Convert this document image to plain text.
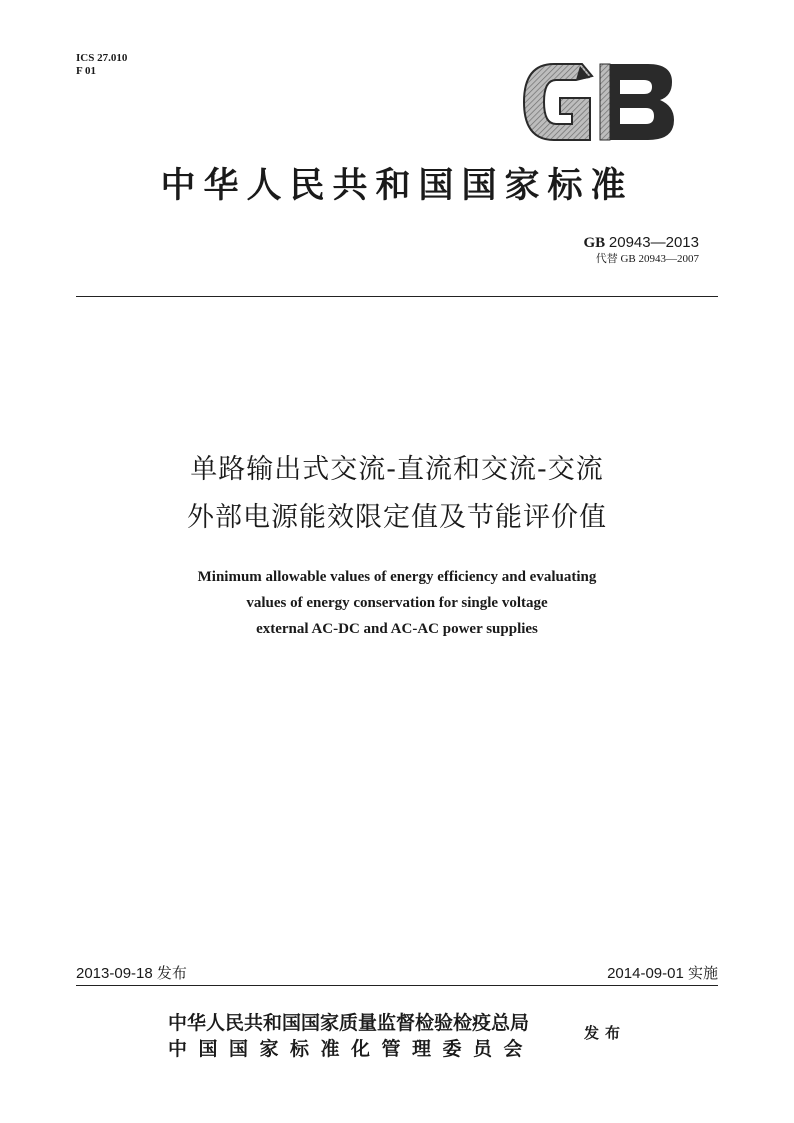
ICS 27.010
F 01
中华人民共和国国家标准
GB 20943—2013
代替 GB 20943—2007
单路输出式交流-直流和交流-交流
外部电源能效限定值及节能评价值
Minimum allowable values of energy efficiency and evaluating
values of energy conservation for single voltage
external AC-DC and AC-AC power supplies
2013-09-18 发布	2014-09-01 实施
中华人民共和国国家质量监督检验检疫总局
中国国家标准化管理委员会
发布
